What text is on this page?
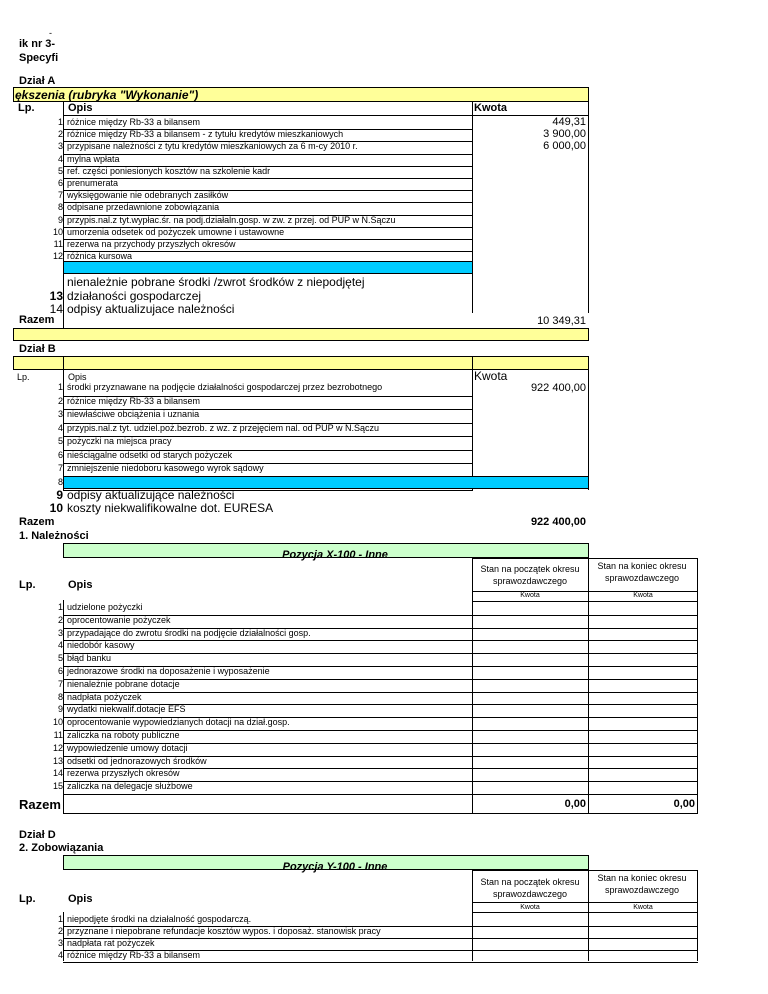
-
ik nr 3-
Specyfi
Dział A
ększenia (rubryka "Wykonanie")
Lp.	Opis	Kwota
1 różnice między Rb-33 a bilansem	449,31
2 różnice między Rb-33 a bilansem - z tytułu kredytów mieszkaniowych	3 900,00
3 przypisane należności z tytu kredytów mieszkaniowych za 6 m-cy 2010 r.	6 000,00
4 mylna wpłata
5 ref. części poniesionych kosztów na szkolenie kadr
6 prenumerata
7 wyksięgowanie nie odebranych zasiłków
8 odpisane przedawnione zobowiązania
9 przypis.nal.z tyt.wypłac.śr. na podj.działaln.gosp. w zw. z przej. od PUP w N.Sączu
10 umorzenia odsetek od pożyczek umowne i ustawowne
11 rezerwa na przychody przyszłych okresów
12 różnica kursowa
nienależnie pobrane środki /zwrot środków z niepodjętej
13 działaności gospodarczej
14 odpisy aktualizujace należności
Razem	10 349,31
Dział B
Lp.	Opis	Kwota
1 środki przyznawane na podjęcie działalności gospodarczej przez bezrobotnego	922 400,00
2 różnice między Rb-33 a bilansem
3 niewłaściwe obciążenia i uznania
4 przypis.nal.z tyt. udziel.poż.bezrob. z wz. z przejęciem nal. od PUP w N.Sączu
5 pożyczki na miejsca pracy
6 nieściągalne odsetki od starych pożyczek
7 zmniejszenie niedoboru kasowego wyrok sądowy
8
9 odpisy aktualizujące należności
10 koszty niekwalifikowalne dot. EURESA
Razem	922 400,00
1. Należności
Pozycja X-100 - Inne
Lp.	Opis
Stan na początek okresu sprawozdawczego
Stan na koniec okresu sprawozdawczego
Kwota	Kwota
1 udzielone pożyczki
2 oprocentowanie pożyczek
3 przypadające do zwrotu środki na podjęcie działalności gosp.
4 niedobór kasowy
5 błąd banku
6 jednorazowe środki na doposażenie i wyposażenie
7 nienależnie pobrane dotacje
8 nadpłata pożyczek
9 wydatki niekwalif.dotacje EFS
10 oprocentowanie wypowiedzianych dotacji na dział.gosp.
11 zaliczka na roboty publiczne
12 wypowiedzenie umowy dotacji
13 odsetki od jednorazowych środków
14 rezerwa przyszłych okresów
15 zaliczka na delegacje służbowe
Razem	0,00	0,00
Dział D
2. Zobowiązania
Pozycja Y-100 - Inne
Lp.	Opis
Stan na początek okresu sprawozdawczego
Stan na koniec okresu sprawozdawczego
Kwota	Kwota
1 niepodjęte środki na działalność gospodarczą.
2 przyznane i niepobrane refundacje kosztów wypos. i doposaż. stanowisk pracy
3 nadpłata rat pożyczek
4 różnice między Rb-33 a bilansem
